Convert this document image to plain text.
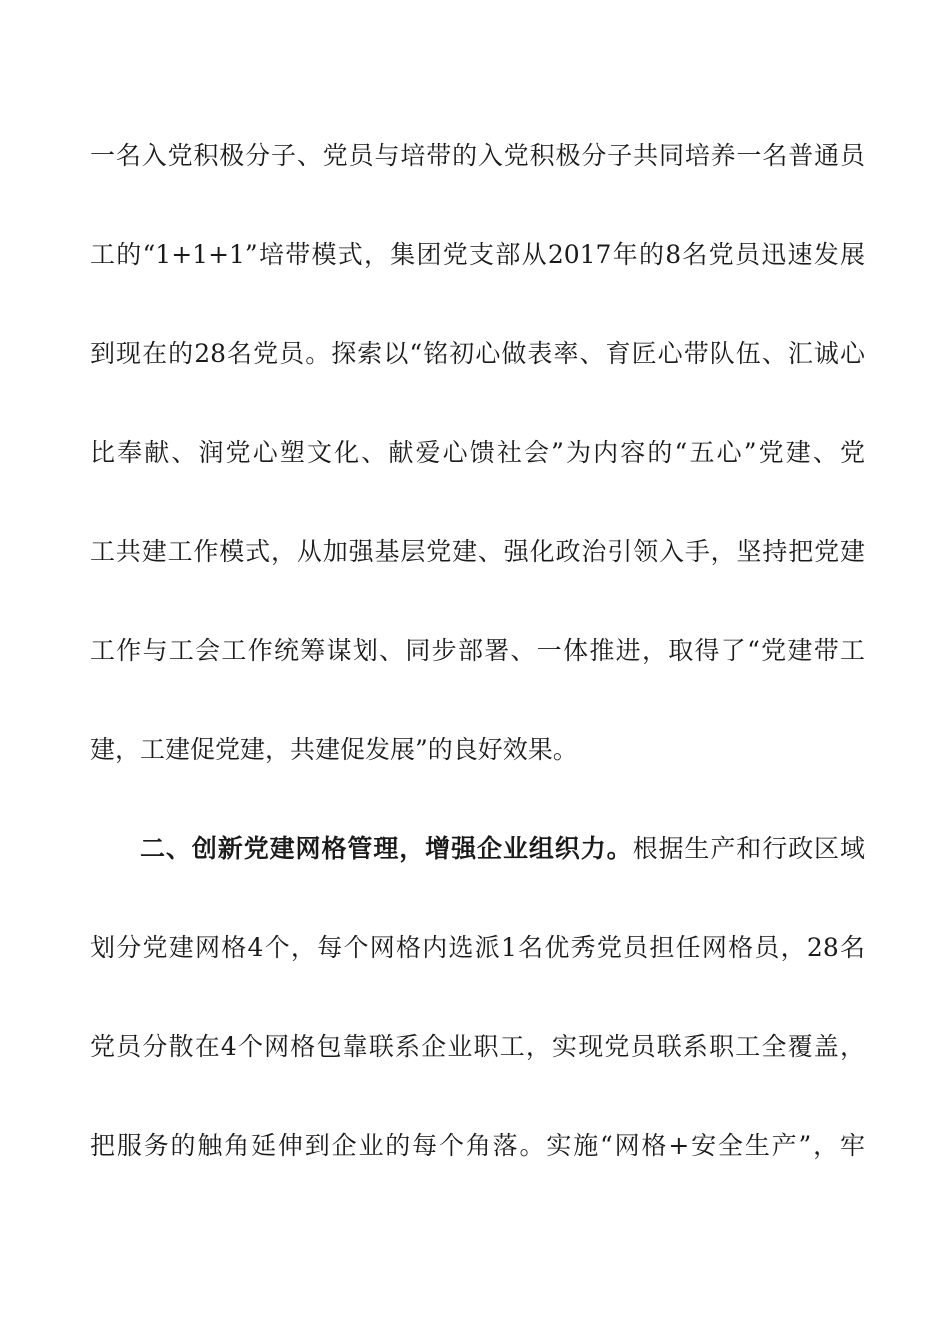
一名入党积极分子、党员与培带的入党积极分子共同培养一名普通员
工的“1+1+1”培带模式，集团党支部从2017年的8名党员迅速发展
到现在的28名党员。探索以“铭初心做表率、育匠心带队伍、汇诚心
比奉献、润党心塑文化、献爱心馈社会”为内容的“五心”党建、党
工共建工作模式，从加强基层党建、强化政治引领入手，坚持把党建
工作与工会工作统筹谋划、同步部署、一体推进，取得了“党建带工
建，工建促党建，共建促发展”的良好效果。
二、创新党建网格管理，增强企业组织力。根据生产和行政区域
划分党建网格4个，每个网格内选派1名优秀党员担任网格员，28名
党员分散在4个网格包靠联系企业职工，实现党员联系职工全覆盖，
把服务的触角延伸到企业的每个角落。实施“网格+安全生产”，牢
